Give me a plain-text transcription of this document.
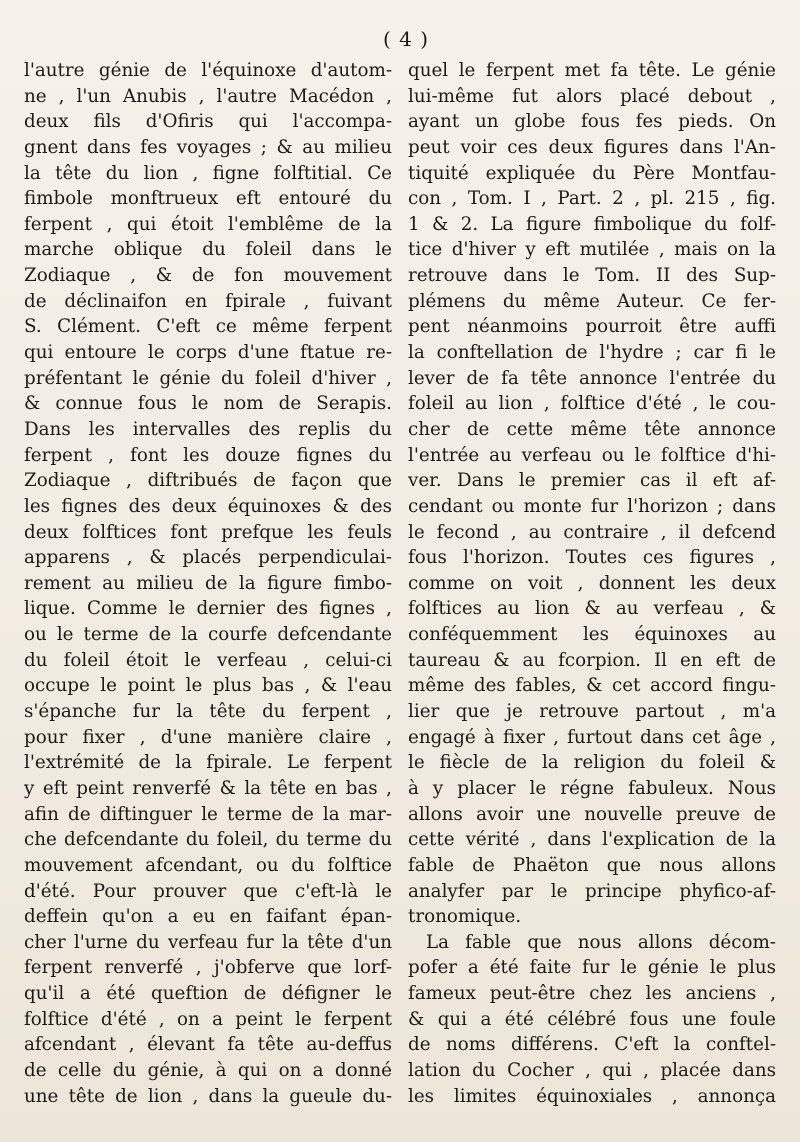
( 4 )
l'autre génie de l'équinoxe d'autom-
ne , l'un Anubis , l'autre Macédon ,
deux fils d'Ofiris qui l'accompa-
gnent dans fes voyages ; & au milieu
la tête du lion , figne folftitial. Ce
fimbole monftrueux eft entouré du
ferpent , qui étoit l'emblême de la
marche oblique du foleil dans le
Zodiaque , & de fon mouvement
de déclinaifon en fpirale , fuivant
S. Clément. C'eft ce même ferpent
qui entoure le corps d'une ftatue re-
préfentant le génie du foleil d'hiver ,
& connue fous le nom de Serapis.
Dans les intervalles des replis du
ferpent , font les douze fignes du
Zodiaque , diftribués de façon que
les fignes des deux équinoxes & des
deux folftices font prefque les feuls
apparens , & placés perpendiculai-
rement au milieu de la figure fimbo-
lique. Comme le dernier des fignes ,
ou le terme de la courfe defcendante
du foleil étoit le verfeau , celui-ci
occupe le point le plus bas , & l'eau
s'épanche fur la tête du ferpent ,
pour fixer , d'une manière claire ,
l'extrémité de la fpirale. Le ferpent
y eft peint renverfé & la tête en bas ,
afin de diftinguer le terme de la mar-
che defcendante du foleil, du terme du
mouvement afcendant, ou du folftice
d'été. Pour prouver que c'eft-là le
deffein qu'on a eu en faifant épan-
cher l'urne du verfeau fur la tête d'un
ferpent renverfé , j'obferve que lorf-
qu'il a été queftion de défigner le
folftice d'été , on a peint le ferpent
afcendant , élevant fa tête au-deffus
de celle du génie, à qui on a donné
une tête de lion , dans la gueule du-
quel le ferpent met fa tête. Le génie
lui-même fut alors placé debout ,
ayant un globe fous fes pieds. On
peut voir ces deux figures dans l'An-
tiquité expliquée du Père Montfau-
con , Tom. I , Part. 2 , pl. 215 , fig.
1 & 2. La figure fimbolique du folf-
tice d'hiver y eft mutilée , mais on la
retrouve dans le Tom. II des Sup-
plémens du même Auteur. Ce fer-
pent néanmoins pourroit être auffi
la conftellation de l'hydre ; car fi le
lever de fa tête annonce l'entrée du
foleil au lion , folftice d'été , le cou-
cher de cette même tête annonce
l'entrée au verfeau ou le folftice d'hi-
ver. Dans le premier cas il eft af-
cendant ou monte fur l'horizon ; dans
le fecond , au contraire , il defcend
fous l'horizon. Toutes ces figures ,
comme on voit , donnent les deux
folftices au lion & au verfeau , &
conféquemment les équinoxes au
taureau & au fcorpion. Il en eft de
même des fables, & cet accord fingu-
lier que je retrouve partout , m'a
engagé à fixer , furtout dans cet âge ,
le fiècle de la religion du foleil &
à y placer le régne fabuleux. Nous
allons avoir une nouvelle preuve de
cette vérité , dans l'explication de la
fable de Phaëton que nous allons
analyfer par le principe phyfico-af-
tronomique.
La fable que nous allons décom-
pofer a été faite fur le génie le plus
fameux peut-être chez les anciens ,
& qui a été célébré fous une foule
de noms différens. C'eft la conftel-
lation du Cocher , qui , placée dans
les limites équinoxiales , annonça
